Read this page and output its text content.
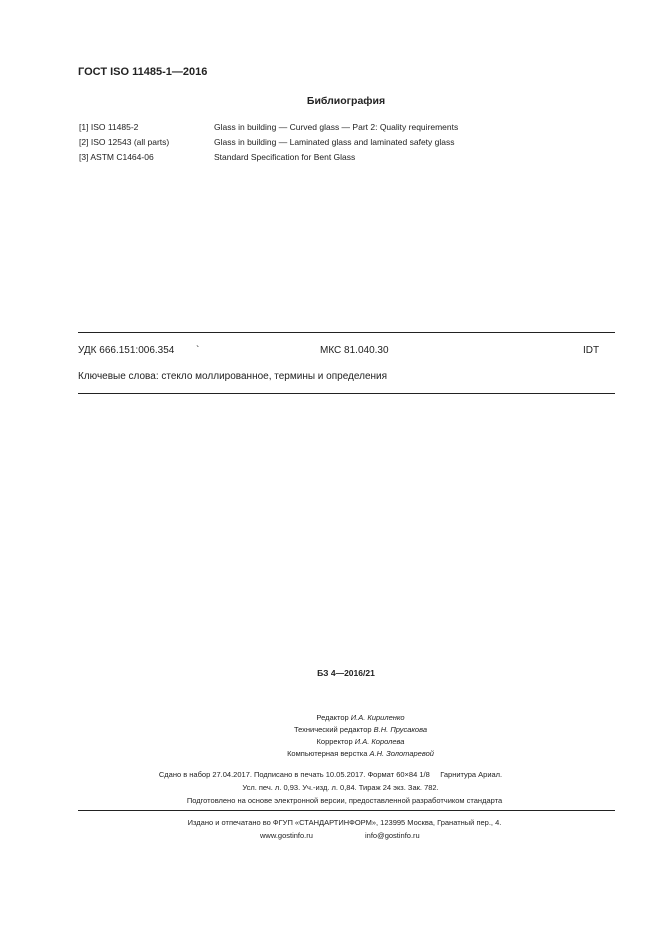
ГОСТ ISO 11485-1—2016
Библиография
[1] ISO 11485-2	Glass in building — Curved glass — Part 2: Quality requirements
[2] ISO 12543 (all parts)	Glass in building — Laminated glass and laminated safety glass
[3] ASTM C1464-06	Standard Specification for Bent Glass
УДК 666.151:006.354 `	МКС 81.040.30	IDT
Ключевые слова: стекло моллированное, термины и определения
БЗ 4—2016/21
Редактор И.А. Кириленко
Технический редактор В.Н. Прусакова
Корректор И.А. Королева
Компьютерная верстка А.Н. Золотаревой
Сдано в набор 27.04.2017. Подписано в печать 10.05.2017. Формат 60×84 1/8 Гарнитура Ариал.
Усл. печ. л. 0,93. Уч.-изд. л. 0,84. Тираж 24 экз. Зак. 782.
Подготовлено на основе электронной версии, предоставленной разработчиком стандарта
Издано и отпечатано во ФГУП «СТАНДАРТИНФОРМ», 123995 Москва, Гранатный пер., 4.
www.gostinfo.ru	info@gostinfo.ru
